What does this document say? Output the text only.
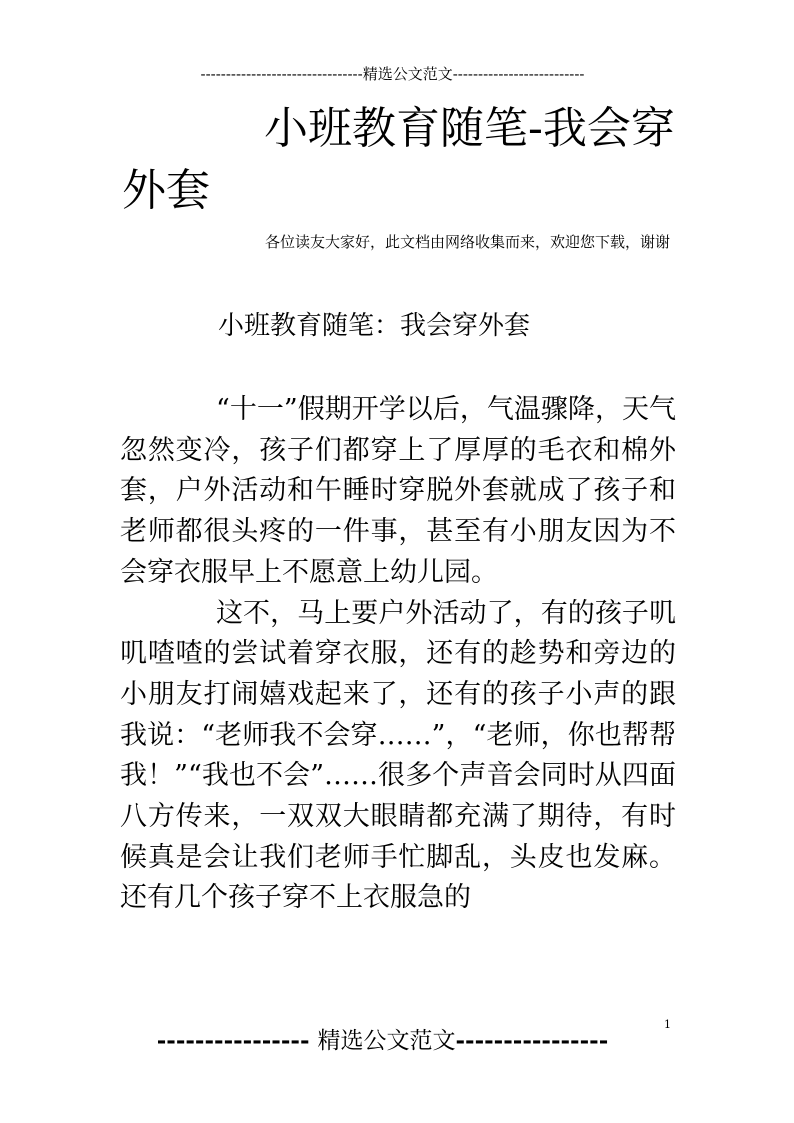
--------------------------------精选公文范文--------------------------
小班教育随笔-我会穿外套
各位读友大家好，此文档由网络收集而来，欢迎您下载，谢谢
小班教育随笔：我会穿外套

“十一”假期开学以后，气温骤降，天气忽然变冷，孩子们都穿上了厚厚的毛衣和棉外套，户外活动和午睡时穿脱外套就成了孩子和老师都很头疼的一件事，甚至有小朋友因为不会穿衣服早上不愿意上幼儿园。

这不，马上要户外活动了，有的孩子叽叽喳喳的尝试着穿衣服，还有的趁势和旁边的小朋友打闹嬉戏起来了，还有的孩子小声的跟我说：“老师我不会穿……”，“老师，你也帮帮我！”“我也不会”……很多个声音会同时从四面八方传来，一双双大眼睛都充满了期待，有时候真是会让我们老师手忙脚乱，头皮也发麻。还有几个孩子穿不上衣服急的

1
---------------- 精选公文范文----------------
